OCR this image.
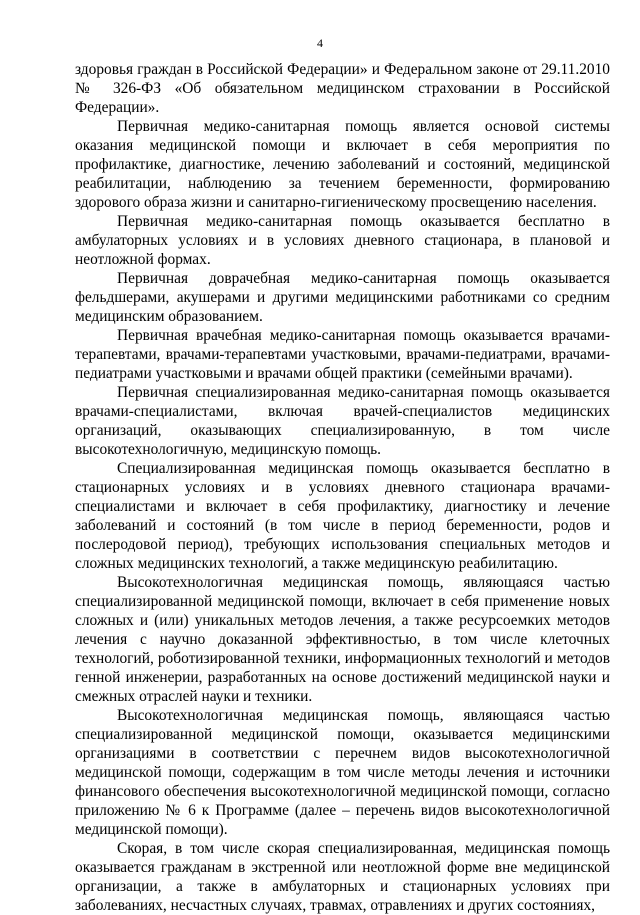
4

здоровья граждан в Российской Федерации» и Федеральном законе от 29.11.2010 № 326-ФЗ «Об обязательном медицинском страховании в Российской Федерации».

Первичная медико-санитарная помощь является основой системы оказания медицинской помощи и включает в себя мероприятия по профилактике, диагностике, лечению заболеваний и состояний, медицинской реабилитации, наблюдению за течением беременности, формированию здорового образа жизни и санитарно-гигиеническому просвещению населения.

Первичная медико-санитарная помощь оказывается бесплатно в амбулаторных условиях и в условиях дневного стационара, в плановой и неотложной формах.

Первичная доврачебная медико-санитарная помощь оказывается фельдшерами, акушерами и другими медицинскими работниками со средним медицинским образованием.

Первичная врачебная медико-санитарная помощь оказывается врачами-терапевтами, врачами-терапевтами участковыми, врачами-педиатрами, врачами-педиатрами участковыми и врачами общей практики (семейными врачами).

Первичная специализированная медико-санитарная помощь оказывается врачами-специалистами, включая врачей-специалистов медицинских организаций, оказывающих специализированную, в том числе высокотехнологичную, медицинскую помощь.

Специализированная медицинская помощь оказывается бесплатно в стационарных условиях и в условиях дневного стационара врачами-специалистами и включает в себя профилактику, диагностику и лечение заболеваний и состояний (в том числе в период беременности, родов и послеродовой период), требующих использования специальных методов и сложных медицинских технологий, а также медицинскую реабилитацию.

Высокотехнологичная медицинская помощь, являющаяся частью специализированной медицинской помощи, включает в себя применение новых сложных и (или) уникальных методов лечения, а также ресурсоемких методов лечения с научно доказанной эффективностью, в том числе клеточных технологий, роботизированной техники, информационных технологий и методов генной инженерии, разработанных на основе достижений медицинской науки и смежных отраслей науки и техники.

Высокотехнологичная медицинская помощь, являющаяся частью специализированной медицинской помощи, оказывается медицинскими организациями в соответствии с перечнем видов высокотехнологичной медицинской помощи, содержащим в том числе методы лечения и источники финансового обеспечения высокотехнологичной медицинской помощи, согласно приложению № 6 к Программе (далее – перечень видов высокотехнологичной медицинской помощи).

Скорая, в том числе скорая специализированная, медицинская помощь оказывается гражданам в экстренной или неотложной форме вне медицинской организации, а также в амбулаторных и стационарных условиях при заболеваниях, несчастных случаях, травмах, отравлениях и других состояниях,
